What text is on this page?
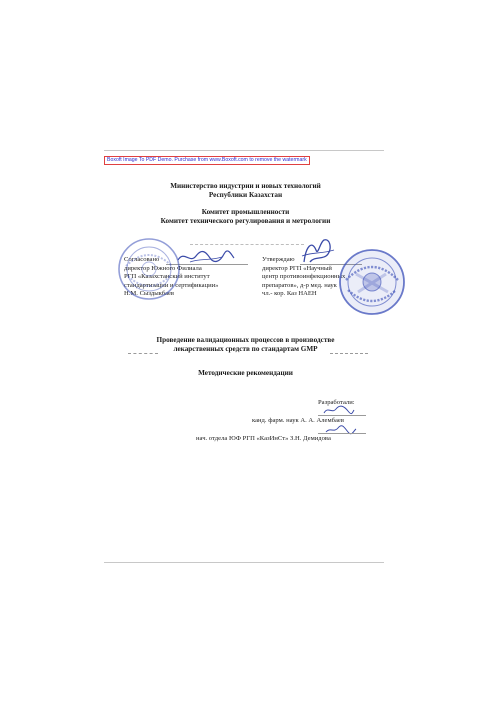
Boxoft Image To PDF Demo. Purchase from www.Boxoft.com to remove the watermark
Министерство индустрии и новых технологий
Республики Казахстан
Комитет промышленности
Комитет технического регулирования и метрологии

Согласовано

директор Южного Филиала

РГП «Казахстанский институт

стандартизации и сертификации»

Н.М. Сыздыкбаев

Утверждаю

директор РГП «Научный

центр противоинфекционных

препаратов», д-р мед. наук

чл.- кор. Каз НАЕН

Проведение валидационных процессов в производстве
лекарственных средств по стандартам GMP
Методические рекомендации
Разработали:
канд. фарм. наук А. А. Алембаев
нач. отдела ЮФ РГП «КазИнСт» З.Н. Демидова
